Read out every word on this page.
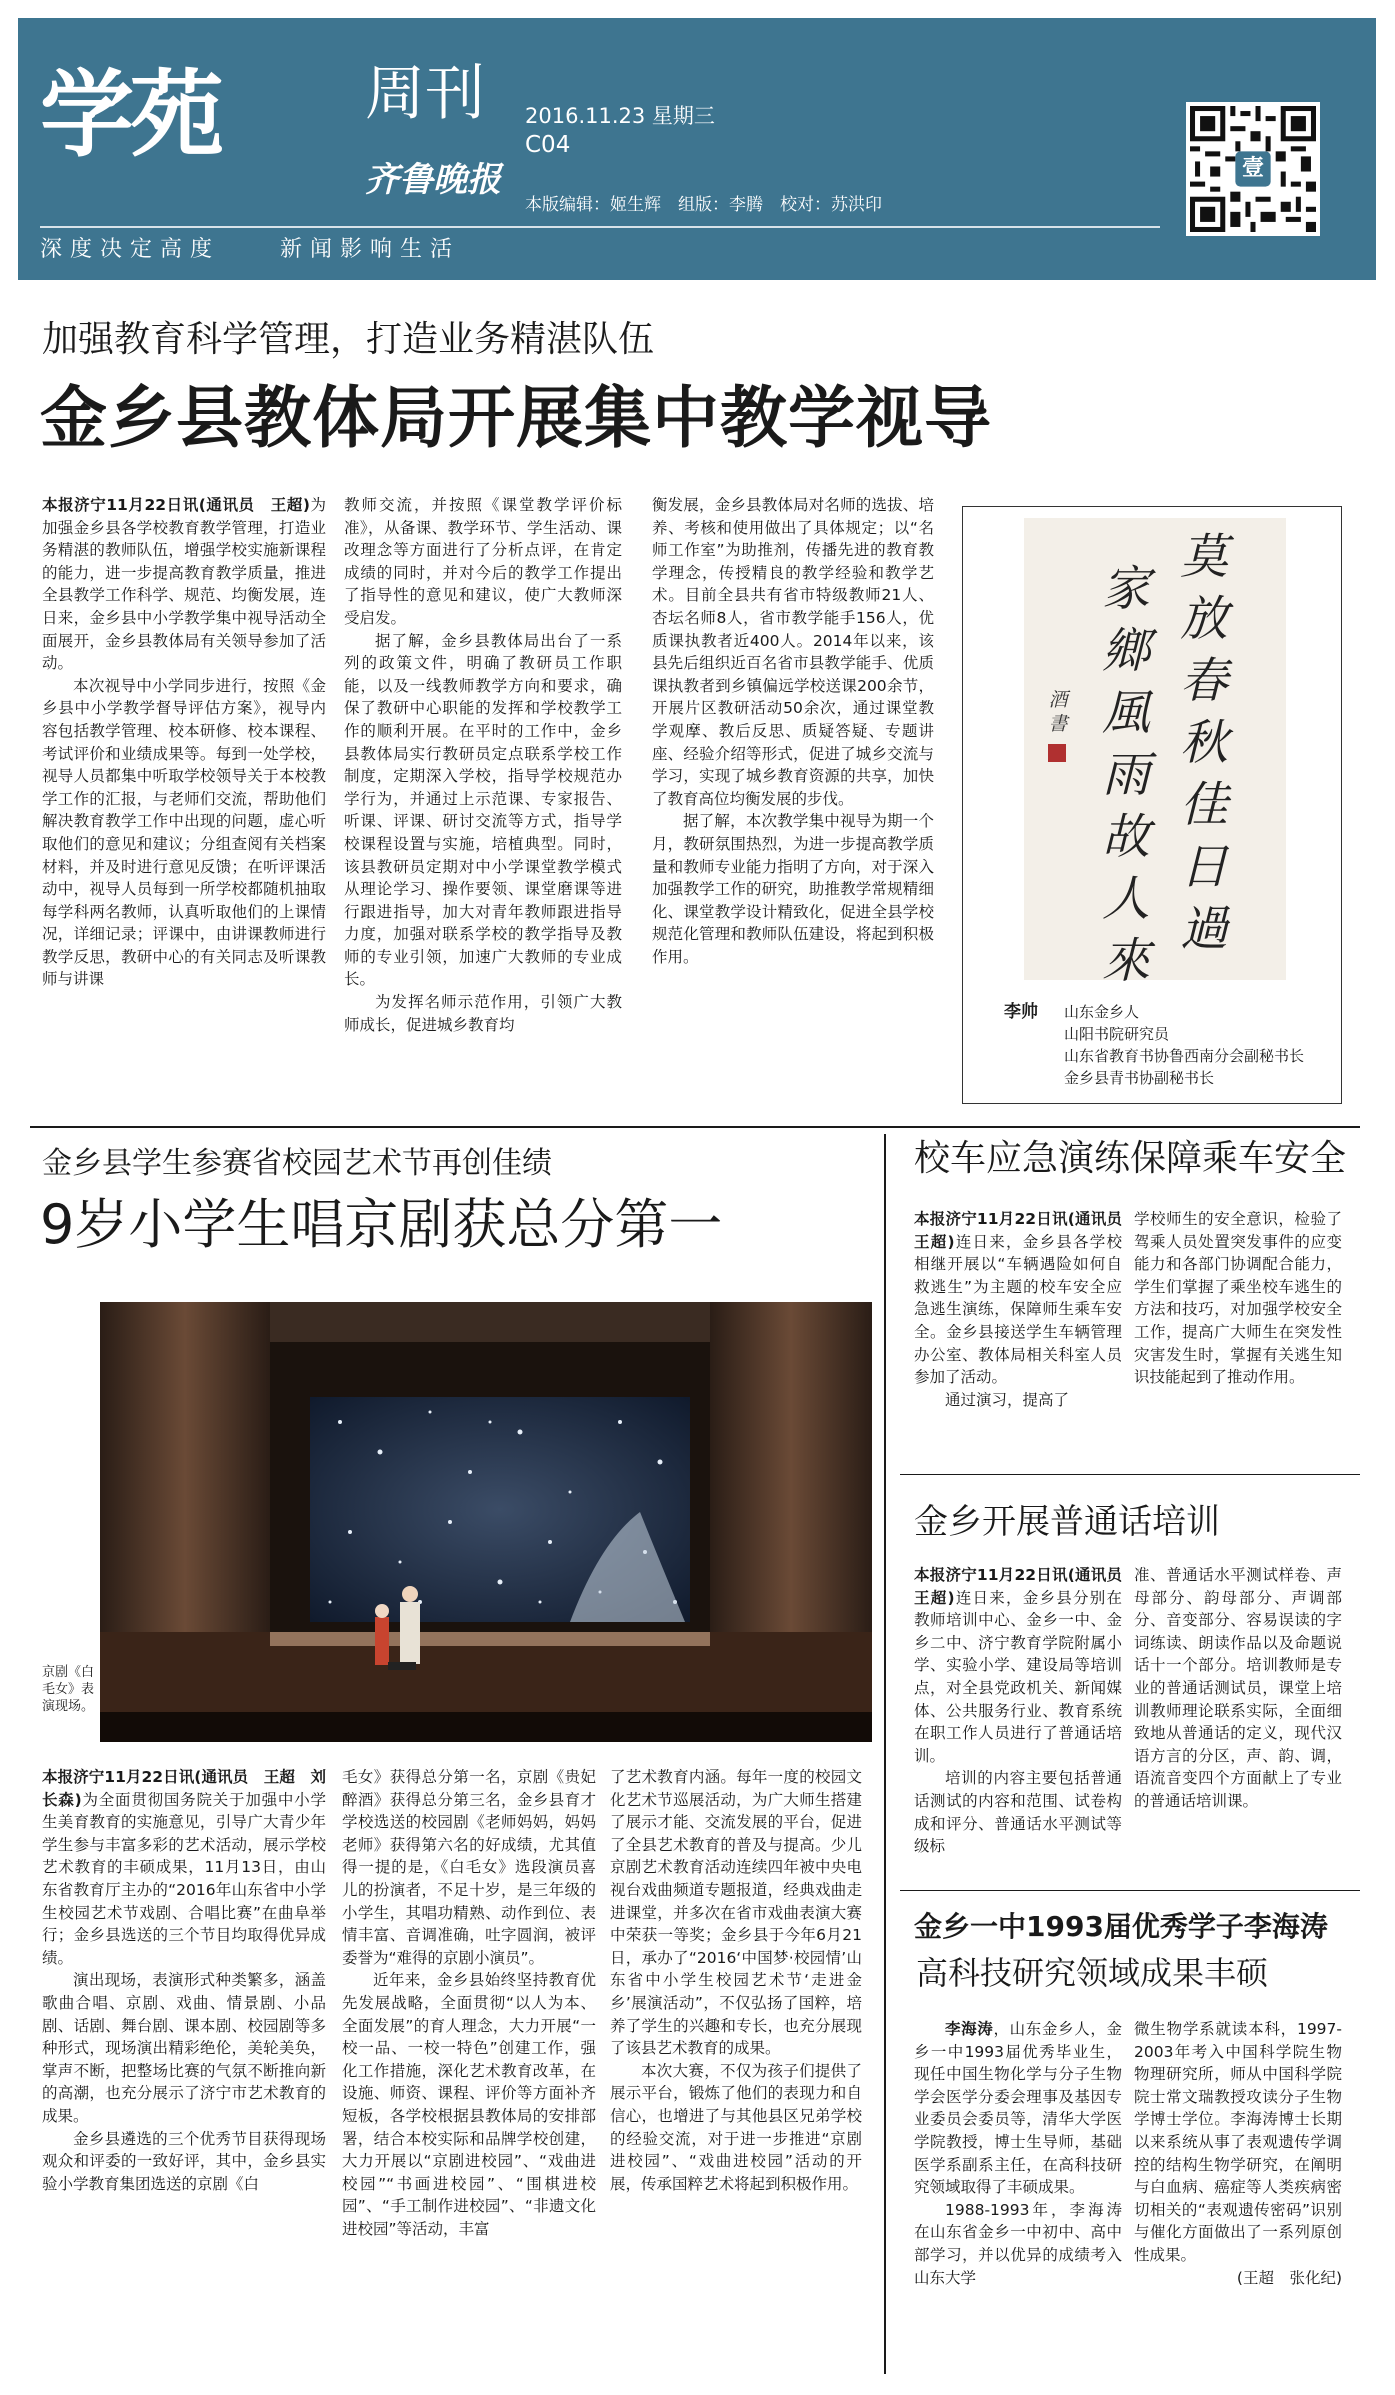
学苑 周刊
齐鲁晚报
2016.11.23 星期三
C04
本版编辑：姬生辉　组版：李腾　校对：苏洪印
深度决定高度　　新闻影响生活
壹
加强教育科学管理，打造业务精湛队伍
金乡县教体局开展集中教学视导

本报济宁11月22日讯(通讯员　王超)为加强金乡县各学校教育教学管理，打造业务精湛的教师队伍，增强学校实施新课程的能力，进一步提高教育教学质量，推进全县教学工作科学、规范、均衡发展，连日来，金乡县中小学教学集中视导活动全面展开，金乡县教体局有关领导参加了活动。

本次视导中小学同步进行，按照《金乡县中小学教学督导评估方案》，视导内容包括教学管理、校本研修、校本课程、考试评价和业绩成果等。每到一处学校，视导人员都集中听取学校领导关于本校教学工作的汇报，与老师们交流，帮助他们解决教育教学工作中出现的问题，虚心听取他们的意见和建议；分组查阅有关档案材料，并及时进行意见反馈；在听评课活动中，视导人员每到一所学校都随机抽取每学科两名教师，认真听取他们的上课情况，详细记录；评课中，由讲课教师进行教学反思，教研中心的有关同志及听课教师与讲课

教师交流，并按照《课堂教学评价标准》，从备课、教学环节、学生活动、课改理念等方面进行了分析点评，在肯定成绩的同时，并对今后的教学工作提出了指导性的意见和建议，使广大教师深受启发。

据了解，金乡县教体局出台了一系列的政策文件，明确了教研员工作职能，以及一线教师教学方向和要求，确保了教研中心职能的发挥和学校教学工作的顺利开展。在平时的工作中，金乡县教体局实行教研员定点联系学校工作制度，定期深入学校，指导学校规范办学行为，并通过上示范课、专家报告、听课、评课、研讨交流等方式，指导学校课程设置与实施，培植典型。同时，该县教研员定期对中小学课堂教学模式从理论学习、操作要领、课堂磨课等进行跟进指导，加大对青年教师跟进指导力度，加强对联系学校的教学指导及教师的专业引领，加速广大教师的专业成长。

为发挥名师示范作用，引领广大教师成长，促进城乡教育均

衡发展，金乡县教体局对名师的选拔、培养、考核和使用做出了具体规定；以“名师工作室”为助推剂，传播先进的教育教学理念，传授精良的教学经验和教学艺术。目前全县共有省市特级教师21人、杏坛名师8人，省市教学能手156人，优质课执教者近400人。2014年以来，该县先后组织近百名省市县教学能手、优质课执教者到乡镇偏远学校送课200余节，开展片区教研活动50余次，通过课堂教学观摩、教后反思、质疑答疑、专题讲座、经验介绍等形式，促进了城乡交流与学习，实现了城乡教育资源的共享，加快了教育高位均衡发展的步伐。

据了解，本次教学集中视导为期一个月，教研氛围热烈，为进一步提高教学质量和教师专业能力指明了方向，对于深入加强教学工作的研究，助推教学常规精细化、课堂教学设计精致化，促进全县学校规范化管理和教师队伍建设，将起到积极作用。

莫放春秋佳日過
家鄉風雨故人來
酒書
李帅 山东金乡人
山阳书院研究员
山东省教育书协鲁西南分会副秘书长
金乡县青书协副秘书长
金乡县学生参赛省校园艺术节再创佳绩
9岁小学生唱京剧获总分第一
京剧《白毛女》表演现场。

本报济宁11月22日讯(通讯员　王超　刘长森)为全面贯彻国务院关于加强中小学生美育教育的实施意见，引导广大青少年学生参与丰富多彩的艺术活动，展示学校艺术教育的丰硕成果，11月13日，由山东省教育厅主办的“2016年山东省中小学生校园艺术节戏剧、合唱比赛”在曲阜举行；金乡县选送的三个节目均取得优异成绩。

演出现场，表演形式种类繁多，涵盖歌曲合唱、京剧、戏曲、情景剧、小品剧、话剧、舞台剧、课本剧、校园剧等多种形式，现场演出精彩绝伦，美轮美奂，掌声不断，把整场比赛的气氛不断推向新的高潮，也充分展示了济宁市艺术教育的成果。

金乡县遴选的三个优秀节目获得现场观众和评委的一致好评，其中，金乡县实验小学教育集团选送的京剧《白

毛女》获得总分第一名，京剧《贵妃醉酒》获得总分第三名，金乡县育才学校选送的校园剧《老师妈妈，妈妈老师》获得第六名的好成绩，尤其值得一提的是，《白毛女》选段演员喜儿的扮演者，不足十岁，是三年级的小学生，其唱功精熟、动作到位、表情丰富、音调准确，吐字圆润，被评委誉为“难得的京剧小演员”。

近年来，金乡县始终坚持教育优先发展战略，全面贯彻“以人为本、全面发展”的育人理念，大力开展“一校一品、一校一特色”创建工作，强化工作措施，深化艺术教育改革，在设施、师资、课程、评价等方面补齐短板，各学校根据县教体局的安排部署，结合本校实际和品牌学校创建，大力开展以“京剧进校园”、“戏曲进校园”“书画进校园”、“围棋进校园”、“手工制作进校园”、“非遗文化进校园”等活动，丰富

了艺术教育内涵。每年一度的校园文化艺术节巡展活动，为广大师生搭建了展示才能、交流发展的平台，促进了全县艺术教育的普及与提高。少儿京剧艺术教育活动连续四年被中央电视台戏曲频道专题报道，经典戏曲走进课堂，并多次在省市戏曲表演大赛中荣获一等奖；金乡县于今年6月21日，承办了“2016‘中国梦·校园情’山东省中小学生校园艺术节‘走进金乡’展演活动”，不仅弘扬了国粹，培养了学生的兴趣和专长，也充分展现了该县艺术教育的成果。

本次大赛，不仅为孩子们提供了展示平台，锻炼了他们的表现力和自信心，也增进了与其他县区兄弟学校的经验交流，对于进一步推进“京剧进校园”、“戏曲进校园”活动的开展，传承国粹艺术将起到积极作用。

校车应急演练保障乘车安全

本报济宁11月22日讯(通讯员　王超)连日来，金乡县各学校相继开展以“车辆遇险如何自救逃生”为主题的校车安全应急逃生演练，保障师生乘车安全。金乡县接送学生车辆管理办公室、教体局相关科室人员参加了活动。

通过演习，提高了

学校师生的安全意识，检验了驾乘人员处置突发事件的应变能力和各部门协调配合能力，学生们掌握了乘坐校车逃生的方法和技巧，对加强学校安全工作，提高广大师生在突发性灾害发生时，掌握有关逃生知识技能起到了推动作用。

金乡开展普通话培训

本报济宁11月22日讯(通讯员　王超)连日来，金乡县分别在教师培训中心、金乡一中、金乡二中、济宁教育学院附属小学、实验小学、建设局等培训点，对全县党政机关、新闻媒体、公共服务行业、教育系统在职工作人员进行了普通话培训。

培训的内容主要包括普通话测试的内容和范围、试卷构成和评分、普通话水平测试等级标

准、普通话水平测试样卷、声母部分、韵母部分、声调部分、音变部分、容易误读的字词练读、朗读作品以及命题说话十一个部分。培训教师是专业的普通话测试员，课堂上培训教师理论联系实际，全面细致地从普通话的定义，现代汉语方言的分区，声、韵、调，语流音变四个方面献上了专业的普通话培训课。

金乡一中1993届优秀学子李海涛
高科技研究领域成果丰硕

李海涛，山东金乡人，金乡一中1993届优秀毕业生，现任中国生物化学与分子生物学会医学分委会理事及基因专业委员会委员等，清华大学医学院教授，博士生导师，基础医学系副系主任，在高科技研究领域取得了丰硕成果。

1988-1993年，李海涛在山东省金乡一中初中、高中部学习，并以优异的成绩考入山东大学

微生物学系就读本科，1997-2003年考入中国科学院生物物理研究所，师从中国科学院院士常文瑞教授攻读分子生物学博士学位。李海涛博士长期以来系统从事了表观遗传学调控的结构生物学研究，在阐明与白血病、癌症等人类疾病密切相关的“表观遗传密码”识别与催化方面做出了一系列原创性成果。

(王超　张化纪)
